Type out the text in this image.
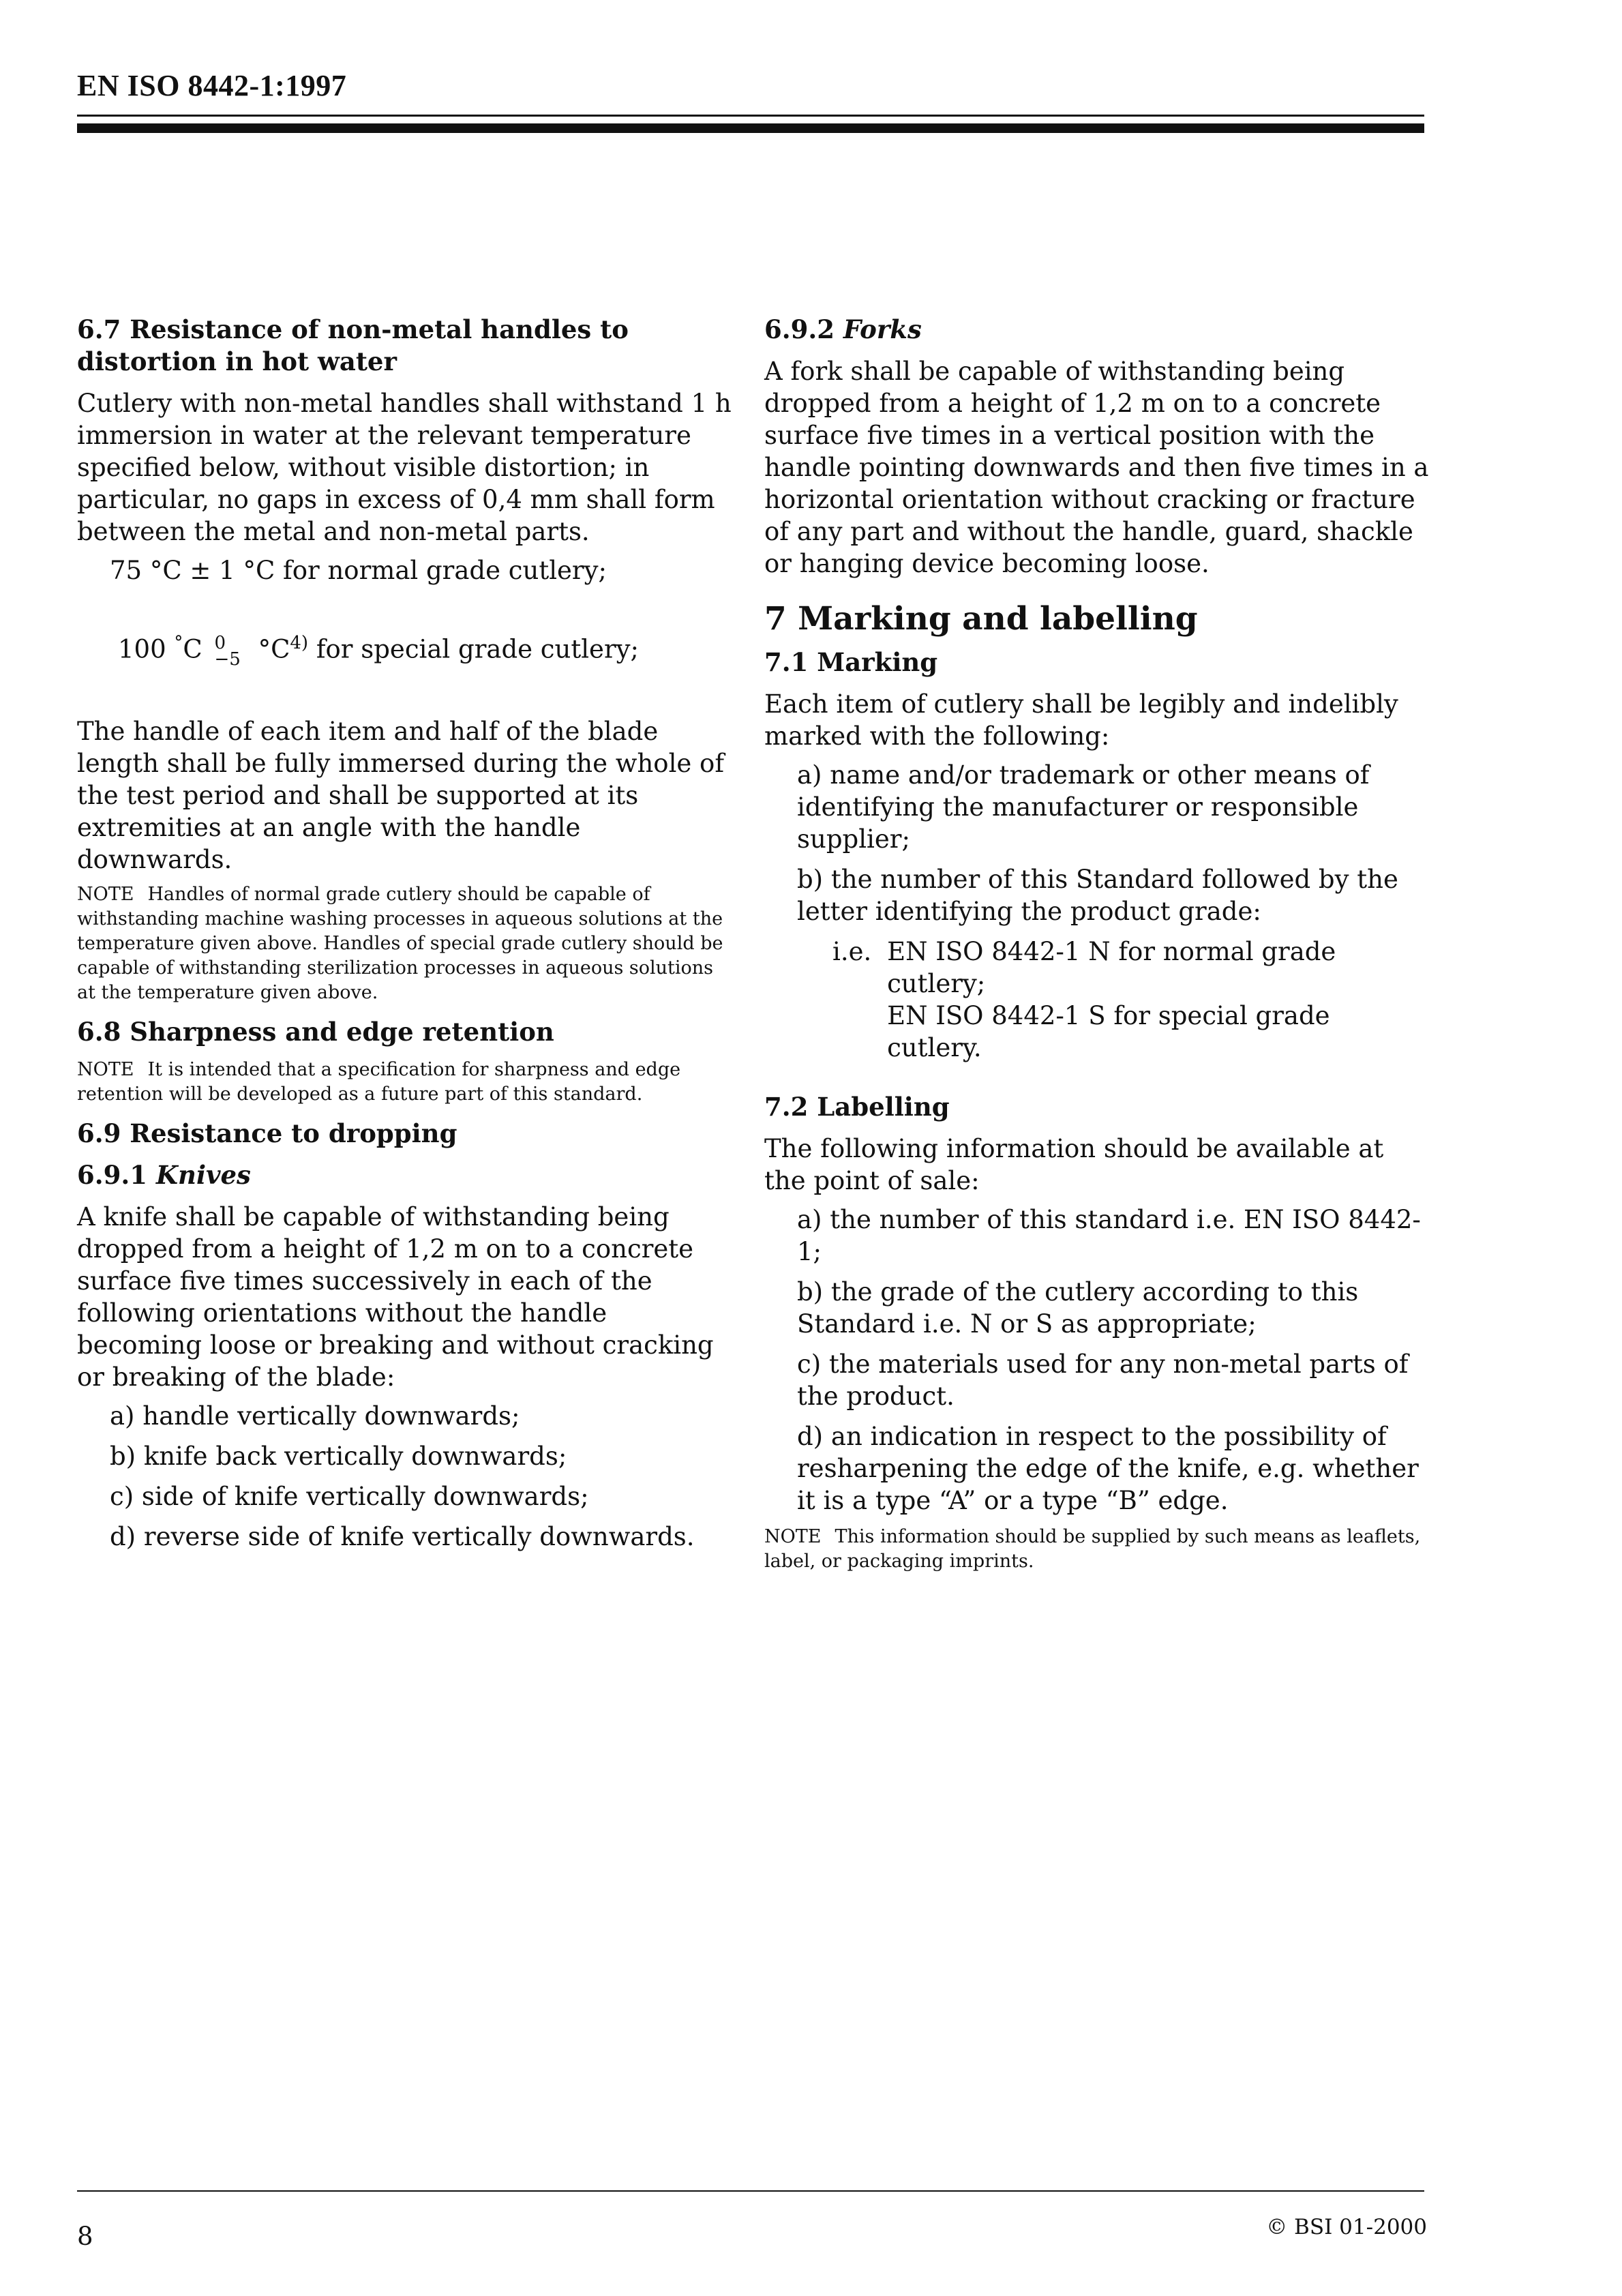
EN ISO 8442-1:1997
6.7 Resistance of non-metal handles to distortion in hot water
Cutlery with non-metal handles shall withstand 1 h immersion in water at the relevant temperature specified below, without visible distortion; in particular, no gaps in excess of 0,4 mm shall form between the metal and non-metal parts.
75 °C ± 1 °C for normal grade cutlery;
100 °C 0
−5 $^\circ C^{4)}$ for special grade cutlery;
The handle of each item and half of the blade length shall be fully immersed during the whole of the test period and shall be supported at its extremities at an angle with the handle downwards.
NOTE Handles of normal grade cutlery should be capable of withstanding machine washing processes in aqueous solutions at the temperature given above. Handles of special grade cutlery should be capable of withstanding sterilization processes in aqueous solutions at the temperature given above.
6.8 Sharpness and edge retention
NOTE It is intended that a specification for sharpness and edge retention will be developed as a future part of this standard.
6.9 Resistance to dropping
6.9.1 Knives
A knife shall be capable of withstanding being dropped from a height of 1,2 m on to a concrete surface five times successively in each of the following orientations without the handle becoming loose or breaking and without cracking or breaking of the blade:
a) handle vertically downwards;
b) knife back vertically downwards;
c) side of knife vertically downwards;
d) reverse side of knife vertically downwards.
6.9.2 Forks
A fork shall be capable of withstanding being dropped from a height of 1,2 m on to a concrete surface five times in a vertical position with the handle pointing downwards and then five times in a horizontal orientation without cracking or fracture of any part and without the handle, guard, shackle or hanging device becoming loose.
7 Marking and labelling
7.1 Marking
Each item of cutlery shall be legibly and indelibly marked with the following:
a) name and/or trademark or other means of identifying the manufacturer or responsible supplier;
b) the number of this Standard followed by the letter identifying the product grade:
i.e. EN ISO 8442-1 N for normal grade cutlery;
EN ISO 8442-1 S for special grade cutlery.
7.2 Labelling
The following information should be available at the point of sale:
a) the number of this standard i.e. EN ISO 8442-1;
b) the grade of the cutlery according to this Standard i.e. N or S as appropriate;
c) the materials used for any non-metal parts of the product.
d) an indication in respect to the possibility of resharpening the edge of the knife, e.g. whether it is a type “A” or a type “B” edge.
NOTE This information should be supplied by such means as leaflets, label, or packaging imprints.
8	© BSI 01-2000
